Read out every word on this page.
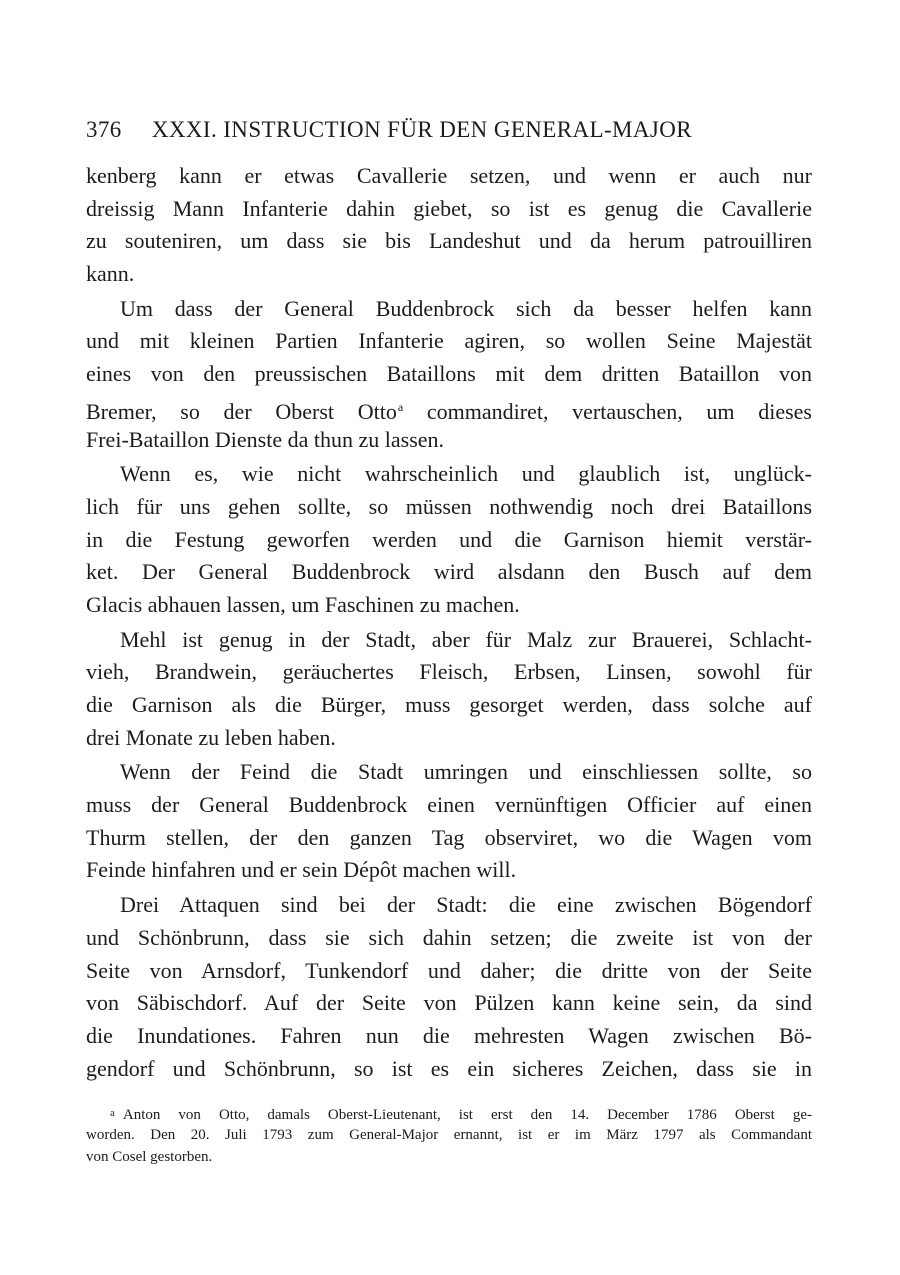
376 XXXI. INSTRUCTION FÜR DEN GENERAL-MAJOR
kenberg kann er etwas Cavallerie setzen, und wenn er auch nur
dreissig Mann Infanterie dahin giebet, so ist es genug die Cavallerie
zu souteniren, um dass sie bis Landeshut und da herum patrouilliren
kann.
Um dass der General Buddenbrock sich da besser helfen kann
und mit kleinen Partien Infanterie agiren, so wollen Seine Majestät
eines von den preussischen Bataillons mit dem dritten Bataillon von
Bremer, so der Oberst Otto$^a$ commandiret, vertauschen, um dieses
Frei-Bataillon Dienste da thun zu lassen.
Wenn es, wie nicht wahrscheinlich und glaublich ist, unglück-
lich für uns gehen sollte, so müssen nothwendig noch drei Bataillons
in die Festung geworfen werden und die Garnison hiemit verstär-
ket. Der General Buddenbrock wird alsdann den Busch auf dem
Glacis abhauen lassen, um Faschinen zu machen.
Mehl ist genug in der Stadt, aber für Malz zur Brauerei, Schlacht-
vieh, Brandwein, geräuchertes Fleisch, Erbsen, Linsen, sowohl für
die Garnison als die Bürger, muss gesorget werden, dass solche auf
drei Monate zu leben haben.
Wenn der Feind die Stadt umringen und einschliessen sollte, so
muss der General Buddenbrock einen vernünftigen Officier auf einen
Thurm stellen, der den ganzen Tag observiret, wo die Wagen vom
Feinde hinfahren und er sein Dépôt machen will.
Drei Attaquen sind bei der Stadt: die eine zwischen Bögendorf
und Schönbrunn, dass sie sich dahin setzen; die zweite ist von der
Seite von Arnsdorf, Tunkendorf und daher; die dritte von der Seite
von Säbischdorf. Auf der Seite von Pülzen kann keine sein, da sind
die Inundationes. Fahren nun die mehresten Wagen zwischen Bö-
gendorf und Schönbrunn, so ist es ein sicheres Zeichen, dass sie in
$^a$ Anton von Otto, damals Oberst-Lieutenant, ist erst den 14. December 1786 Oberst ge-
worden. Den 20. Juli 1793 zum General-Major ernannt, ist er im März 1797 als Commandant
von Cosel gestorben.
